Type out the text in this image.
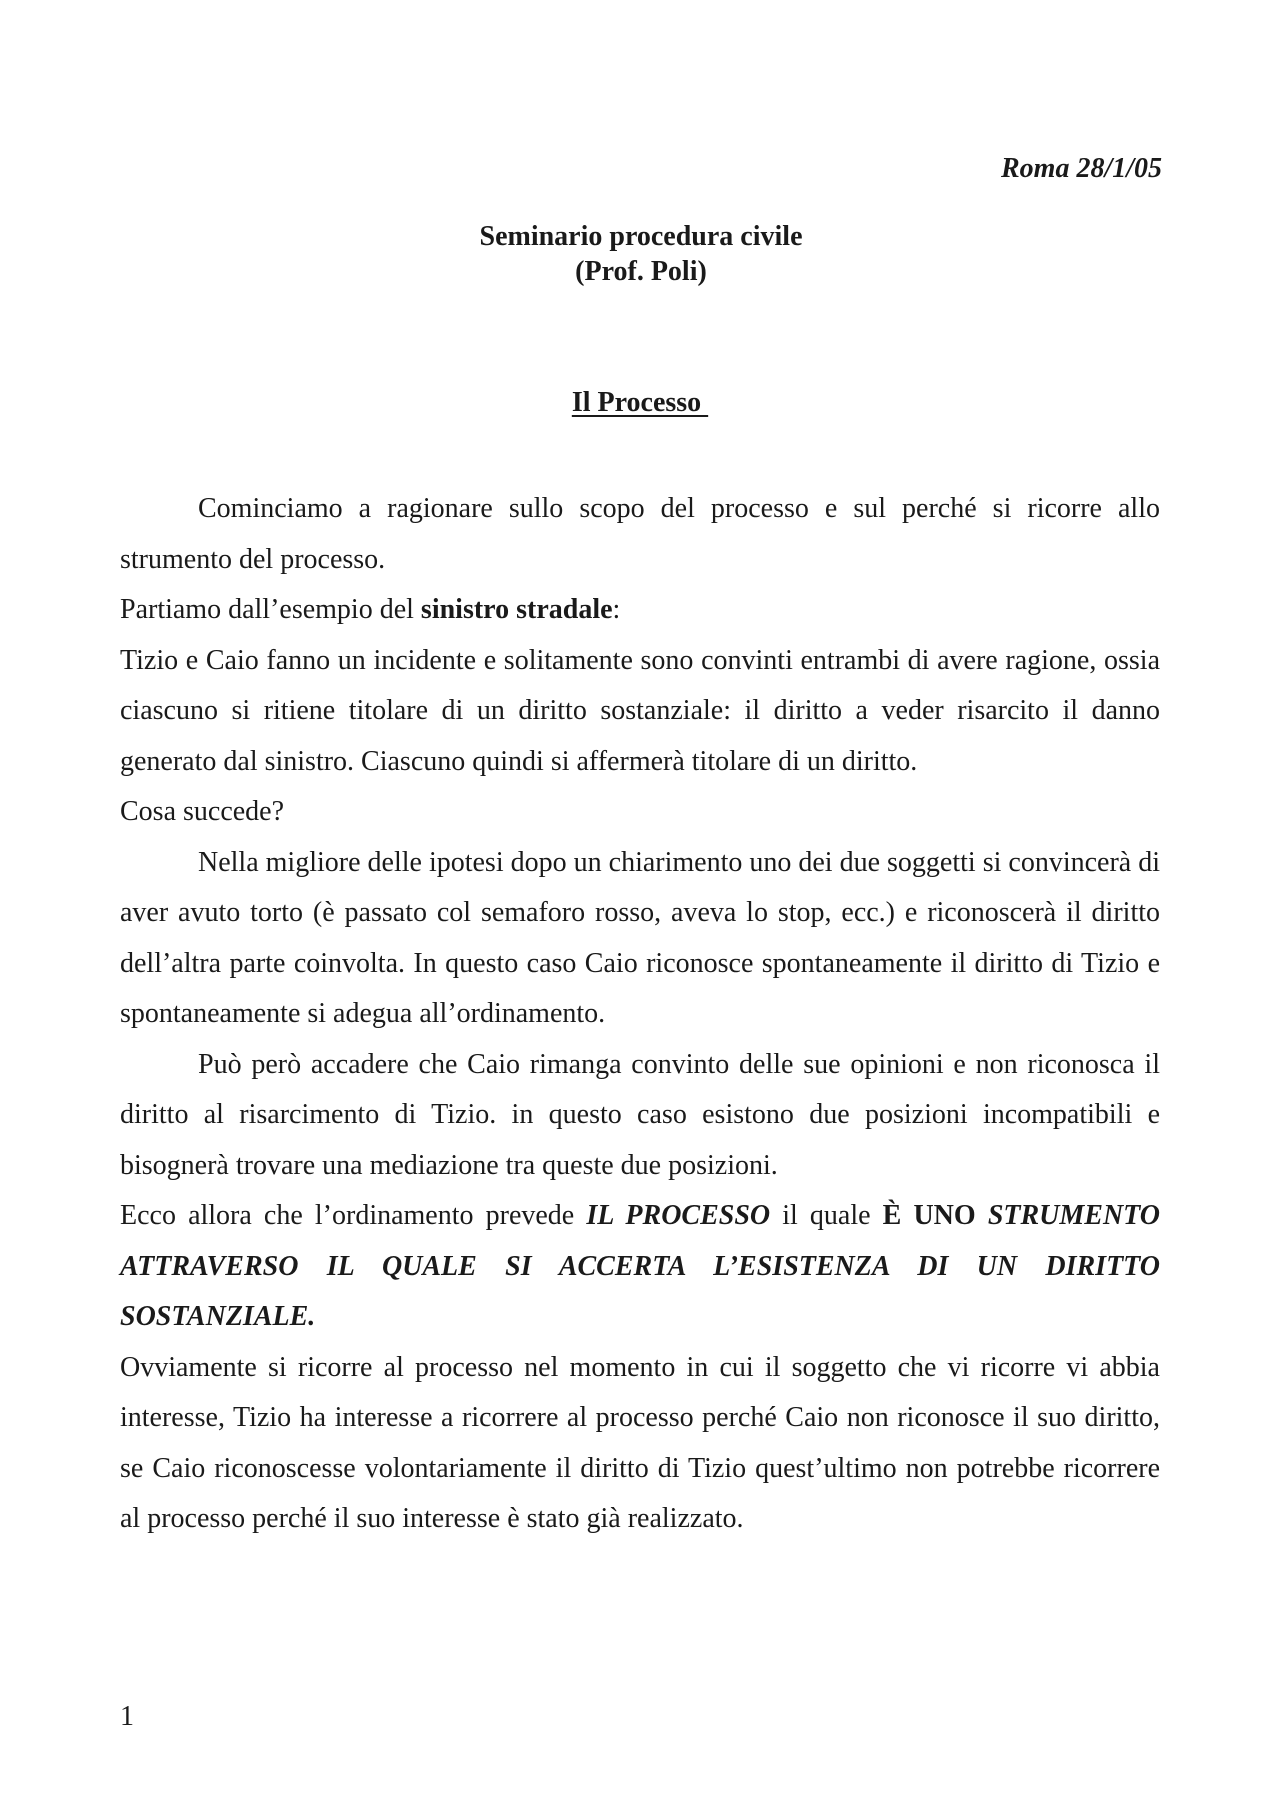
Roma 28/1/05
Seminario procedura civile
(Prof. Poli)
Il Processo

Cominciamo a ragionare sullo scopo del processo e sul perché si ricorre allo strumento del processo.

Partiamo dall’esempio del sinistro stradale:

Tizio e Caio fanno un incidente e solitamente sono convinti entrambi di avere ragione, ossia ciascuno si ritiene titolare di un diritto sostanziale: il diritto a veder risarcito il danno generato dal sinistro. Ciascuno quindi si affermerà titolare di un diritto.

Cosa succede?

Nella migliore delle ipotesi dopo un chiarimento uno dei due soggetti si convincerà di aver avuto torto (è passato col semaforo rosso, aveva lo stop, ecc.) e riconoscerà il diritto dell’altra parte coinvolta. In questo caso Caio riconosce spontaneamente il diritto di Tizio e spontaneamente si adegua all’ordinamento.

Può però accadere che Caio rimanga convinto delle sue opinioni e non riconosca il diritto al risarcimento di Tizio. in questo caso esistono due posizioni incompatibili e bisognerà trovare una mediazione tra queste due posizioni.

Ecco allora che l’ordinamento prevede IL PROCESSO il quale È UNO STRUMENTO ATTRAVERSO IL QUALE SI ACCERTA L’ESISTENZA DI UN DIRITTO SOSTANZIALE.

Ovviamente si ricorre al processo nel momento in cui il soggetto che vi ricorre vi abbia interesse, Tizio ha interesse a ricorrere al processo perché Caio non riconosce il suo diritto, se Caio riconoscesse volontariamente il diritto di Tizio quest’ultimo non potrebbe ricorrere al processo perché il suo interesse è stato già realizzato.

1
